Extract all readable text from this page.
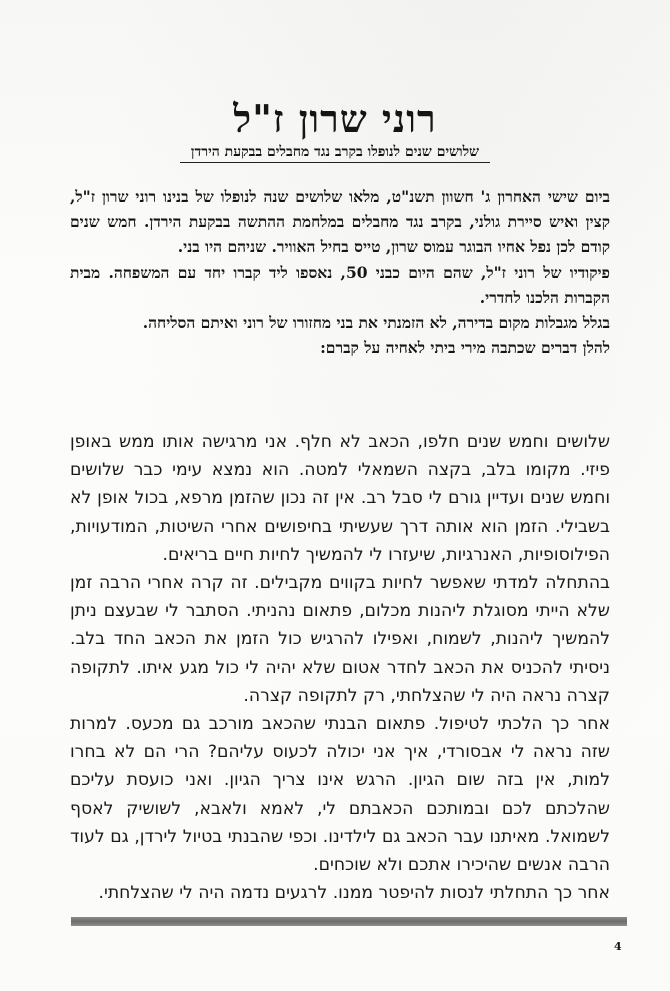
רוני שרון ז"ל
שלושים שנים לנופלו בקרב נגד מחבלים בבקעת הירדן

ביום שישי האחרון ג' חשוון תשנ"ט, מלאו שלושים שנה לנופלו של בנינו רוני שרון ז"ל, קצין ואיש סיירת גולני, בקרב נגד מחבלים במלחמת ההתשה בבקעת הירדן. חמש שנים קודם לכן נפל אחיו הבוגר עמוס שרון, טייס בחיל האוויר. שניהם היו בני.

פיקודיו של רוני ז"ל, שהם היום כבני 50, נאספו ליד קברו יחד עם המשפחה. מבית הקברות הלכנו לחדרי.

בגלל מגבלות מקום בדירה, לא הזמנתי את בני מחזורו של רוני ואיתם הסליחה.

להלן דברים שכתבה מירי ביתי לאחיה על קברם:

שלושים וחמש שנים חלפו, הכאב לא חלף. אני מרגישה אותו ממש באופן פיזי. מקומו בלב, בקצה השמאלי למטה. הוא נמצא עימי כבר שלושים וחמש שנים ועדיין גורם לי סבל רב. אין זה נכון שהזמן מרפא, בכול אופן לא בשבילי. הזמן הוא אותה דרך שעשיתי בחיפושים אחרי השיטות, המודעויות, הפילוסופיות, האנרגיות, שיעזרו לי להמשיך לחיות חיים בריאים.

בהתחלה למדתי שאפשר לחיות בקווים מקבילים. זה קרה אחרי הרבה זמן שלא הייתי מסוגלת ליהנות מכלום, פתאום נהניתי. הסתבר לי שבעצם ניתן להמשיך ליהנות, לשמוח, ואפילו להרגיש כול הזמן את הכאב החד בלב. ניסיתי להכניס את הכאב לחדר אטום שלא יהיה לי כול מגע איתו. לתקופה קצרה נראה היה לי שהצלחתי, רק לתקופה קצרה.

אחר כך הלכתי לטיפול. פתאום הבנתי שהכאב מורכב גם מכעס. למרות שזה נראה לי אבסורדי, איך אני יכולה לכעוס עליהם? הרי הם לא בחרו למות, אין בזה שום הגיון. הרגש אינו צריך הגיון. ואני כועסת עליכם שהלכתם לכם ובמותכם הכאבתם לי, לאמא ולאבא, לשושיק לאסף לשמואל. מאיתנו עבר הכאב גם לילדינו. וכפי שהבנתי בטיול לירדן, גם לעוד הרבה אנשים שהיכירו אתכם ולא שוכחים.

אחר כך התחלתי לנסות להיפטר ממנו. לרגעים נדמה היה לי שהצלחתי.

4
